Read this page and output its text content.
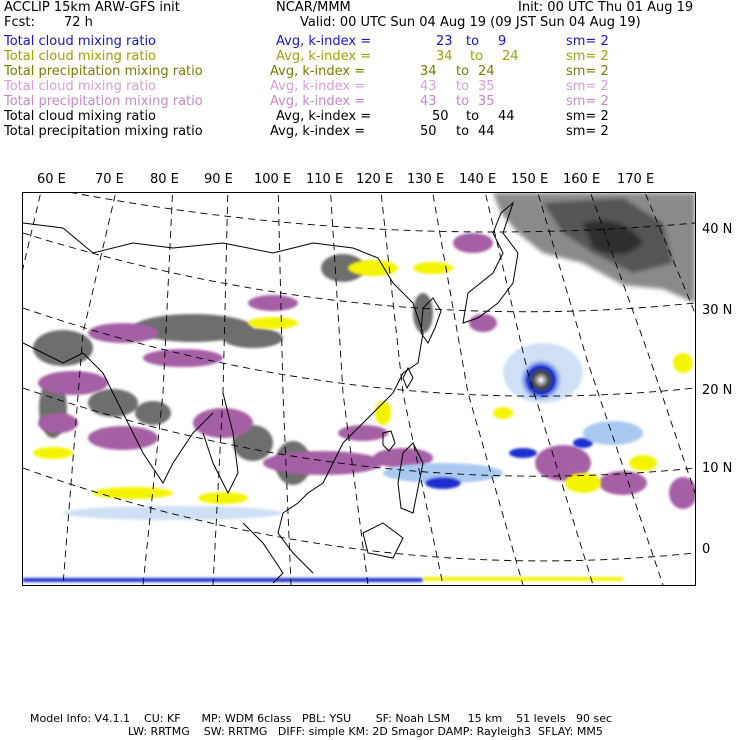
ACCLIP 15km ARW-GFS init	NCAR/MMM	Init: 00 UTC Thu 01 Aug 19
Fcst: 72 h	Valid: 00 UTC Sun 04 Aug 19 (09 JST Sun 04 Aug 19)
Total cloud mixing ratio	Avg, k-index =	23 to 9	sm= 2
Total cloud mixing ratio	Avg, k-index =	34 to 24	sm= 2
Total precipitation mixing ratio	Avg, k-index =	34 to 24	sm= 2
Total cloud mixing ratio	Avg, k-index =	43 to 35	sm= 2
Total precipitation mixing ratio	Avg, k-index =	43 to 35	sm= 2
Total cloud mixing ratio	Avg, k-index =	50 to 44	sm= 2
Total precipitation mixing ratio	Avg, k-index =	50 to 44	sm= 2
60 E 70 E 80 E 90 E 100 E 110 E 120 E 130 E 140 E 150 E 160 E 170 E
40 N
30 N
20 N
10 N
0
Model Info: V4.1.1    CU: KF      MP: WDM 6class   PBL: YSU       SF: Noah LSM     15 km    51 levels   90 sec
LW: RRTMG    SW: RRTMG   DIFF: simple KM: 2D Smagor DAMP: Rayleigh3  SFLAY: MM5
